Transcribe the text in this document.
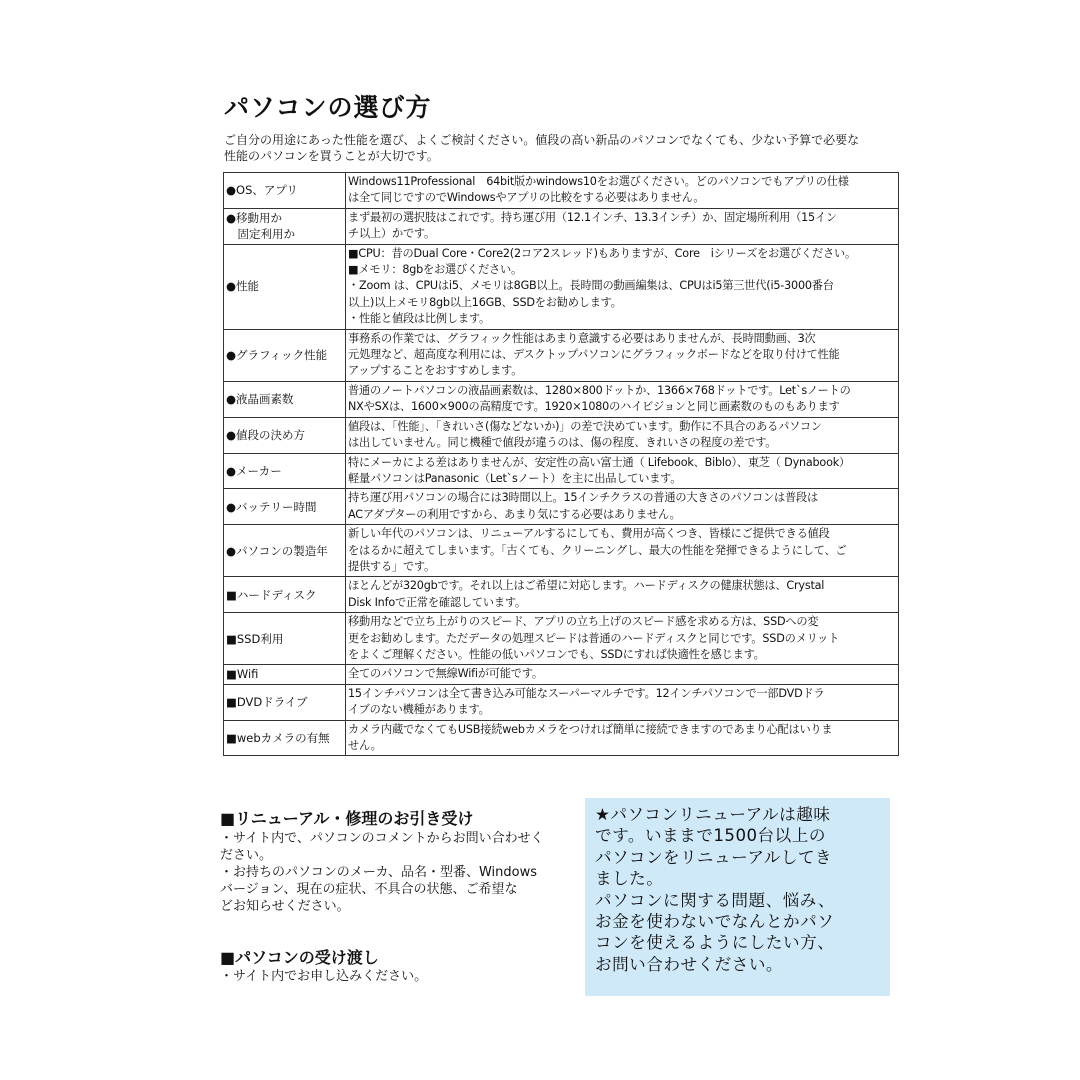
パソコンの選び方
ご自分の用途にあった性能を選び、よくご検討ください。値段の高い新品のパソコンでなくても、少ない予算で必要な
性能のパソコンを買うことが大切です。
●OS、アプリ	Windows11Professional　64bit版かwindows10をお選びください。どのパソコンでもアプリの仕様
は全て同じですのでWindowsやアプリの比較をする必要はありません。

●移動用か
　固定利用か	まず最初の選択肢はこれです。持ち運び用（12.1インチ、13.3インチ）か、固定場所利用（15イン
チ以上）かです。

●性能	■CPU：昔のDual Core・Core2(2コア2スレッド)もありますが、Core　iシリーズをお選びください。
■メモリ：8gbをお選びください。
・Zoom は、CPUはi5、メモリは8GB以上。長時間の動画編集は、CPUはi5第三世代(i5-3000番台
以上)以上メモリ8gb以上16GB、SSDをお勧めします。
・性能と値段は比例します。

●グラフィック性能	事務系の作業では、グラフィック性能はあまり意識する必要はありませんが、長時間動画、3次
元処理など、超高度な利用には、デスクトップパソコンにグラフィックボードなどを取り付けて性能
アップすることをおすすめします。

●液晶画素数	普通のノートパソコンの液晶画素数は、1280×800ドットか、1366×768ドットです。Let`sノートの
NXやSXは、1600×900の高精度です。1920×1080のハイビジョンと同じ画素数のものもあります

●値段の決め方	値段は、「性能」、「きれいさ(傷などないか)」の差で決めています。動作に不具合のあるパソコン
は出していません。同じ機種で値段が違うのは、傷の程度、きれいさの程度の差です。

●メーカー	特にメーカによる差はありませんが、安定性の高い富士通（ Lifebook、Biblo）、東芝（ Dynabook）
軽量パソコンはPanasonic（Let`sノート）を主に出品しています。

●バッテリー時間	持ち運び用パソコンの場合には3時間以上。15インチクラスの普通の大きさのパソコンは普段は
ACアダプターの利用ですから、あまり気にする必要はありません。

●パソコンの製造年	新しい年代のパソコンは、リニューアルするにしても、費用が高くつき、皆様にご提供できる値段
をはるかに超えてしまいます。「古くても、クリーニングし、最大の性能を発揮できるようにして、ご
提供する」です。

■ハードディスク	ほとんどが320gbです。それ以上はご希望に対応します。ハードディスクの健康状態は、Crystal
Disk Infoで正常を確認しています。

■SSD利用	移動用などで立ち上がりのスピード、アプリの立ち上げのスピード感を求める方は、SSDへの変
更をお勧めします。ただデータの処理スピードは普通のハードディスクと同じです。SSDのメリット
をよくご理解ください。性能の低いパソコンでも、SSDにすれば快適性を感じます。

■Wifi	全てのパソコンで無線Wifiが可能です。

■DVDドライブ	15インチパソコンは全て書き込み可能なスーパーマルチです。12インチパソコンで一部DVDドラ
イブのない機種があります。

■webカメラの有無	カメラ内蔵でなくてもUSB接続webカメラをつければ簡単に接続できますのであまり心配はいりま
せん。
■リニューアル・修理のお引き受け
・サイト内で、パソコンのコメントからお問い合わせく
ださい。
・お持ちのパソコンのメーカ、品名・型番、Windows
バージョン、現在の症状、不具合の状態、ご希望な
どお知らせください。
■パソコンの受け渡し
・サイト内でお申し込みください。
★パソコンリニューアルは趣味
です。いままで1500台以上の
パソコンをリニューアルしてき
ました。
パソコンに関する問題、悩み、
お金を使わないでなんとかパソ
コンを使えるようにしたい方、
お問い合わせください。
